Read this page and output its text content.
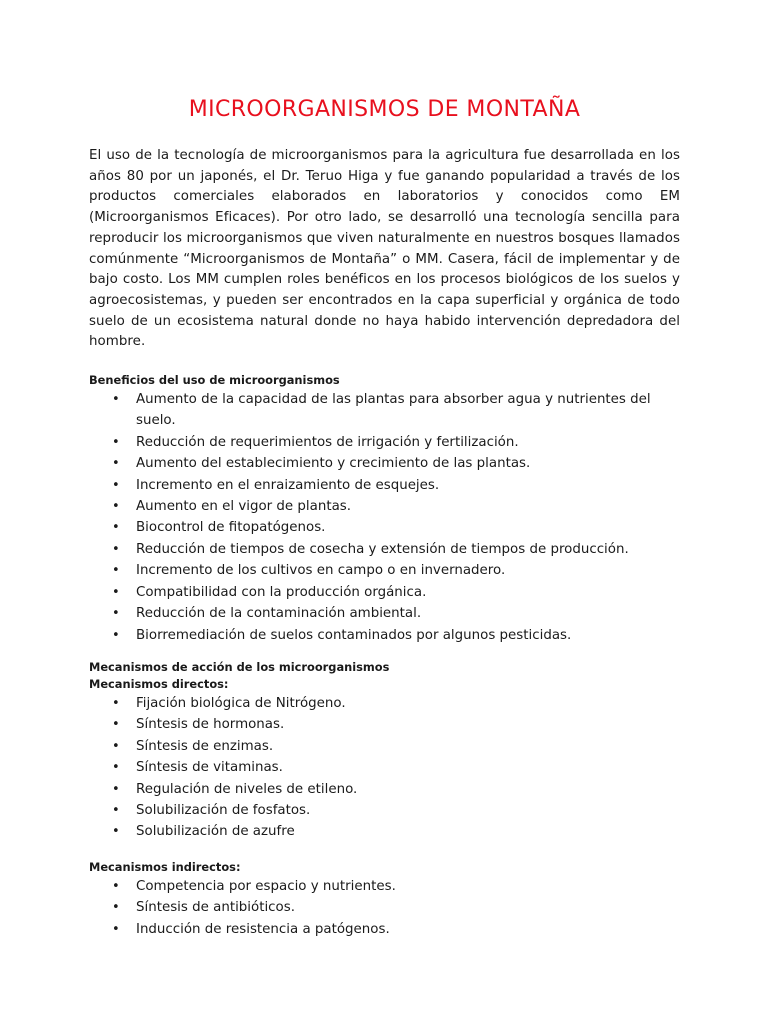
MICROORGANISMOS DE MONTAÑA

El uso de la tecnología de microorganismos para la agricultura fue desarrollada en los años 80 por un japonés, el Dr. Teruo Higa y fue ganando popularidad a través de los productos comerciales elaborados en laboratorios y conocidos como EM (Microorganismos Eficaces). Por otro lado, se desarrolló una tecnología sencilla para reproducir los microorganismos que viven naturalmente en nuestros bosques llamados comúnmente “Microorganismos de Montaña” o MM. Casera, fácil de implementar y de bajo costo. Los MM cumplen roles benéficos en los procesos biológicos de los suelos y agroecosistemas, y pueden ser encontrados en la capa superficial y orgánica de todo suelo de un ecosistema natural donde no haya habido intervención depredadora del hombre.

Beneficios del uso de microorganismos

• Aumento de la capacidad de las plantas para absorber agua y nutrientes del suelo.
• Reducción de requerimientos de irrigación y fertilización.
• Aumento del establecimiento y crecimiento de las plantas.
• Incremento en el enraizamiento de esquejes.
• Aumento en el vigor de plantas.
• Biocontrol de fitopatógenos.
• Reducción de tiempos de cosecha y extensión de tiempos de producción.
• Incremento de los cultivos en campo o en invernadero.
• Compatibilidad con la producción orgánica.
• Reducción de la contaminación ambiental.
• Biorremediación de suelos contaminados por algunos pesticidas.

Mecanismos de acción de los microorganismos

Mecanismos directos:

• Fijación biológica de Nitrógeno.
• Síntesis de hormonas.
• Síntesis de enzimas.
• Síntesis de vitaminas.
• Regulación de niveles de etileno.
• Solubilización de fosfatos.
• Solubilización de azufre

Mecanismos indirectos:

• Competencia por espacio y nutrientes.
• Síntesis de antibióticos.
• Inducción de resistencia a patógenos.
